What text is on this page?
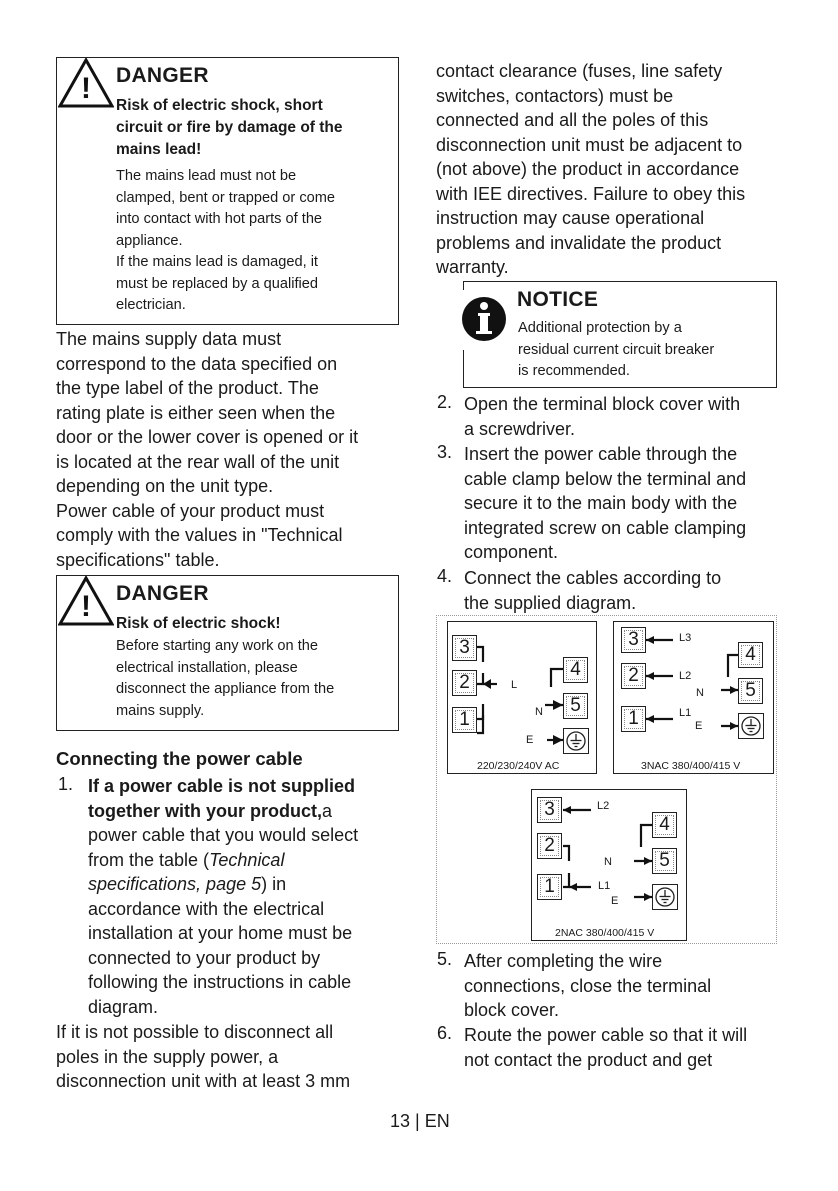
! DANGER
Risk of electric shock, short
circuit or fire by damage of the
mains lead!
The mains lead must not be
clamped, bent or trapped or come
into contact with hot parts of the
appliance.
If the mains lead is damaged, it
must be replaced by a qualified
electrician.
The mains supply data must
correspond to the data specified on
the type label of the product. The
rating plate is either seen when the
door or the lower cover is opened or it
is located at the rear wall of the unit
depending on the unit type.
Power cable of your product must
comply with the values in "Technical
specifications" table.
! DANGER
Risk of electric shock!
Before starting any work on the
electrical installation, please
disconnect the appliance from the
mains supply.
Connecting the power cable
1. If a power cable is not supplied
together with your product,a
power cable that you would select
from the table (Technical
specifications, page 5) in
accordance with the electrical
installation at your home must be
connected to your product by
following the instructions in cable
diagram.
If it is not possible to disconnect all
poles in the supply power, a
disconnection unit with at least 3 mm
contact clearance (fuses, line safety
switches, contactors) must be
connected and all the poles of this
disconnection unit must be adjacent to
(not above) the product in accordance
with IEE directives. Failure to obey this
instruction may cause operational
problems and invalidate the product
warranty.
NOTICE
Additional protection by a
residual current circuit breaker
is recommended.
2. Open the terminal block cover with
a screwdriver.
3. Insert the power cable through the
cable clamp below the terminal and
secure it to the main body with the
integrated screw on cable clamping
component.
4. Connect the cables according to
the supplied diagram.
3
2
1
4
5
L
N
E
220/230/240V AC
3
2
1
4
5
L3
L2
N
L1
E
3NAC 380/400/415 V
3
2
1
4
5
L2
N
L1
E
2NAC 380/400/415 V
5. After completing the wire
connections, close the terminal
block cover.
6. Route the power cable so that it will
not contact the product and get
13 | EN
